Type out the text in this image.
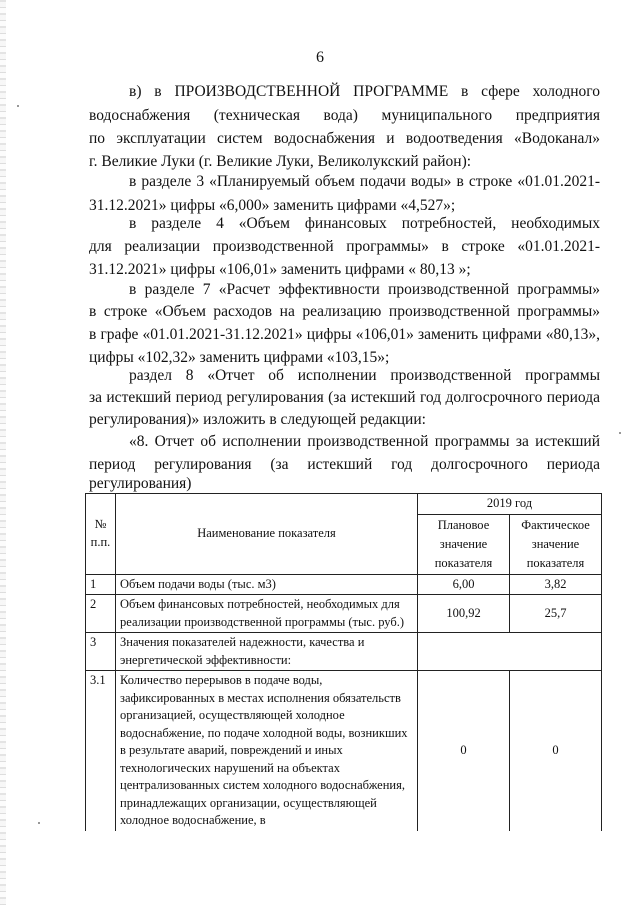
6

в) в ПРОИЗВОДСТВЕННОЙ ПРОГРАММЕ в сфере холодного

водоснабжения (техническая вода) муниципального предприятия

по эксплуатации систем водоснабжения и водоотведения «Водоканал»

г. Великие Луки (г. Великие Луки, Великолукский район):

в разделе 3 «Планируемый объем подачи воды» в строке «01.01.2021-

31.12.2021» цифры «6,000» заменить цифрами «4,527»;

в разделе 4 «Объем финансовых потребностей, необходимых

для реализации производственной программы» в строке «01.01.2021-

31.12.2021» цифры «106,01» заменить цифрами « 80,13 »;

в разделе 7 «Расчет эффективности производственной программы»

в строке «Объем расходов на реализацию производственной программы»

в графе «01.01.2021-31.12.2021» цифры «106,01» заменить цифрами «80,13»,

цифры «102,32» заменить цифрами «103,15»;

раздел 8 «Отчет об исполнении производственной программы

за истекший период регулирования (за истекший год долгосрочного периода

регулирования)» изложить в следующей редакции:

«8. Отчет об исполнении производственной программы за истекший

период регулирования (за истекший год долгосрочного периода

регулирования)

№ п.п.	Наименование показателя	2019 год	
		Плановое значение показателя	Фактическое значение показателя
1	Объем подачи воды (тыс. м3)	6,00	3,82
2	Объем финансовых потребностей, необходимых для реализации производственной программы (тыс. руб.)	100,92	25,7
3	Значения показателей надежности, качества и энергетической эффективности:		
3.1	Количество перерывов в подаче воды, зафиксированных в местах исполнения обязательств организацией, осуществляющей холодное водоснабжение, по подаче холодной воды, возникших в результате аварий, повреждений и иных технологических нарушений на объектах централизованных систем холодного водоснабжения, принадлежащих организации, осуществляющей холодное водоснабжение, в	0	0
